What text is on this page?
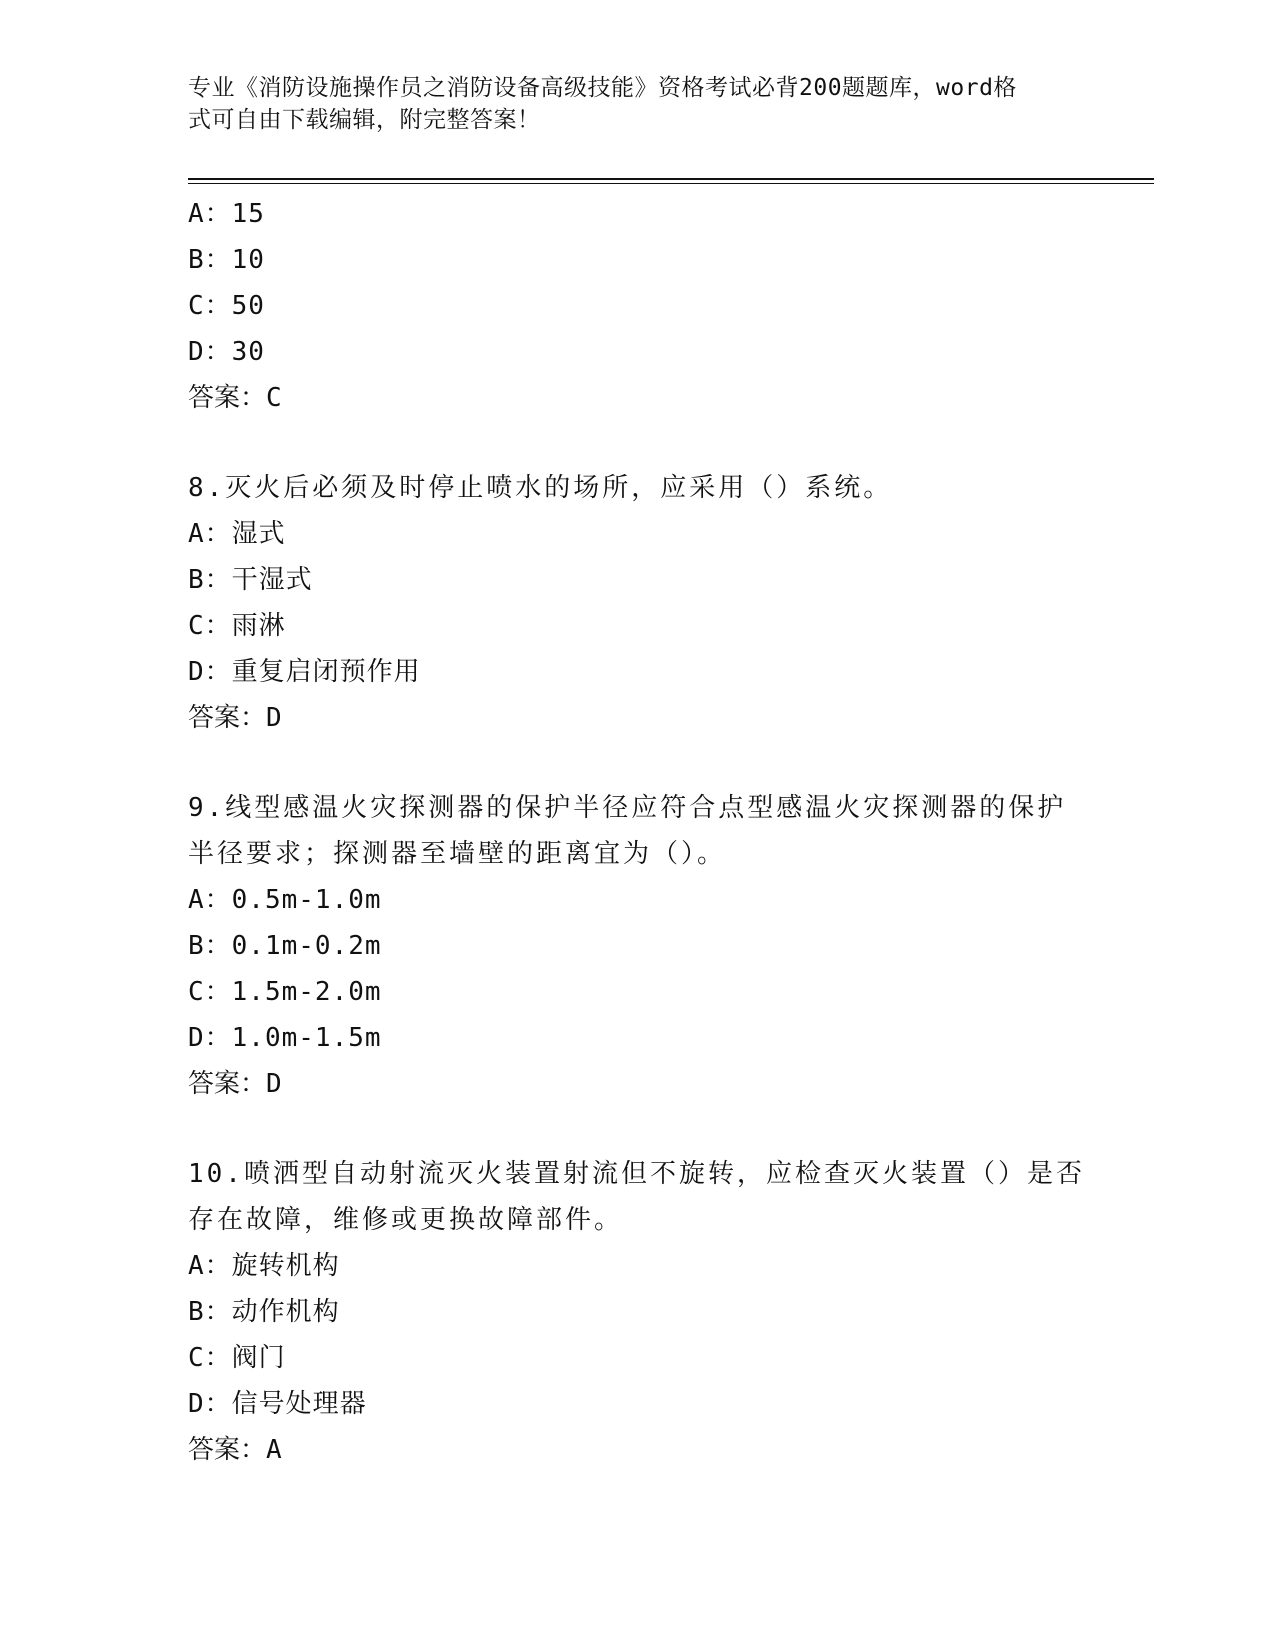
专业《消防设施操作员之消防设备高级技能》资格考试必背200题题库，word格
式可自由下载编辑，附完整答案！
A：15
B：10
C：50
D：30
答案：C
8.灭火后必须及时停止喷水的场所，应采用（）系统。
A：湿式
B：干湿式
C：雨淋
D：重复启闭预作用
答案：D
9.线型感温火灾探测器的保护半径应符合点型感温火灾探测器的保护半径要求；探测器至墙壁的距离宜为（）。
A：0.5m-1.0m
B：0.1m-0.2m
C：1.5m-2.0m
D：1.0m-1.5m
答案：D
10.喷洒型自动射流灭火装置射流但不旋转，应检查灭火装置（）是否存在故障，维修或更换故障部件。
A：旋转机构
B：动作机构
C：阀门
D：信号处理器
答案：A
